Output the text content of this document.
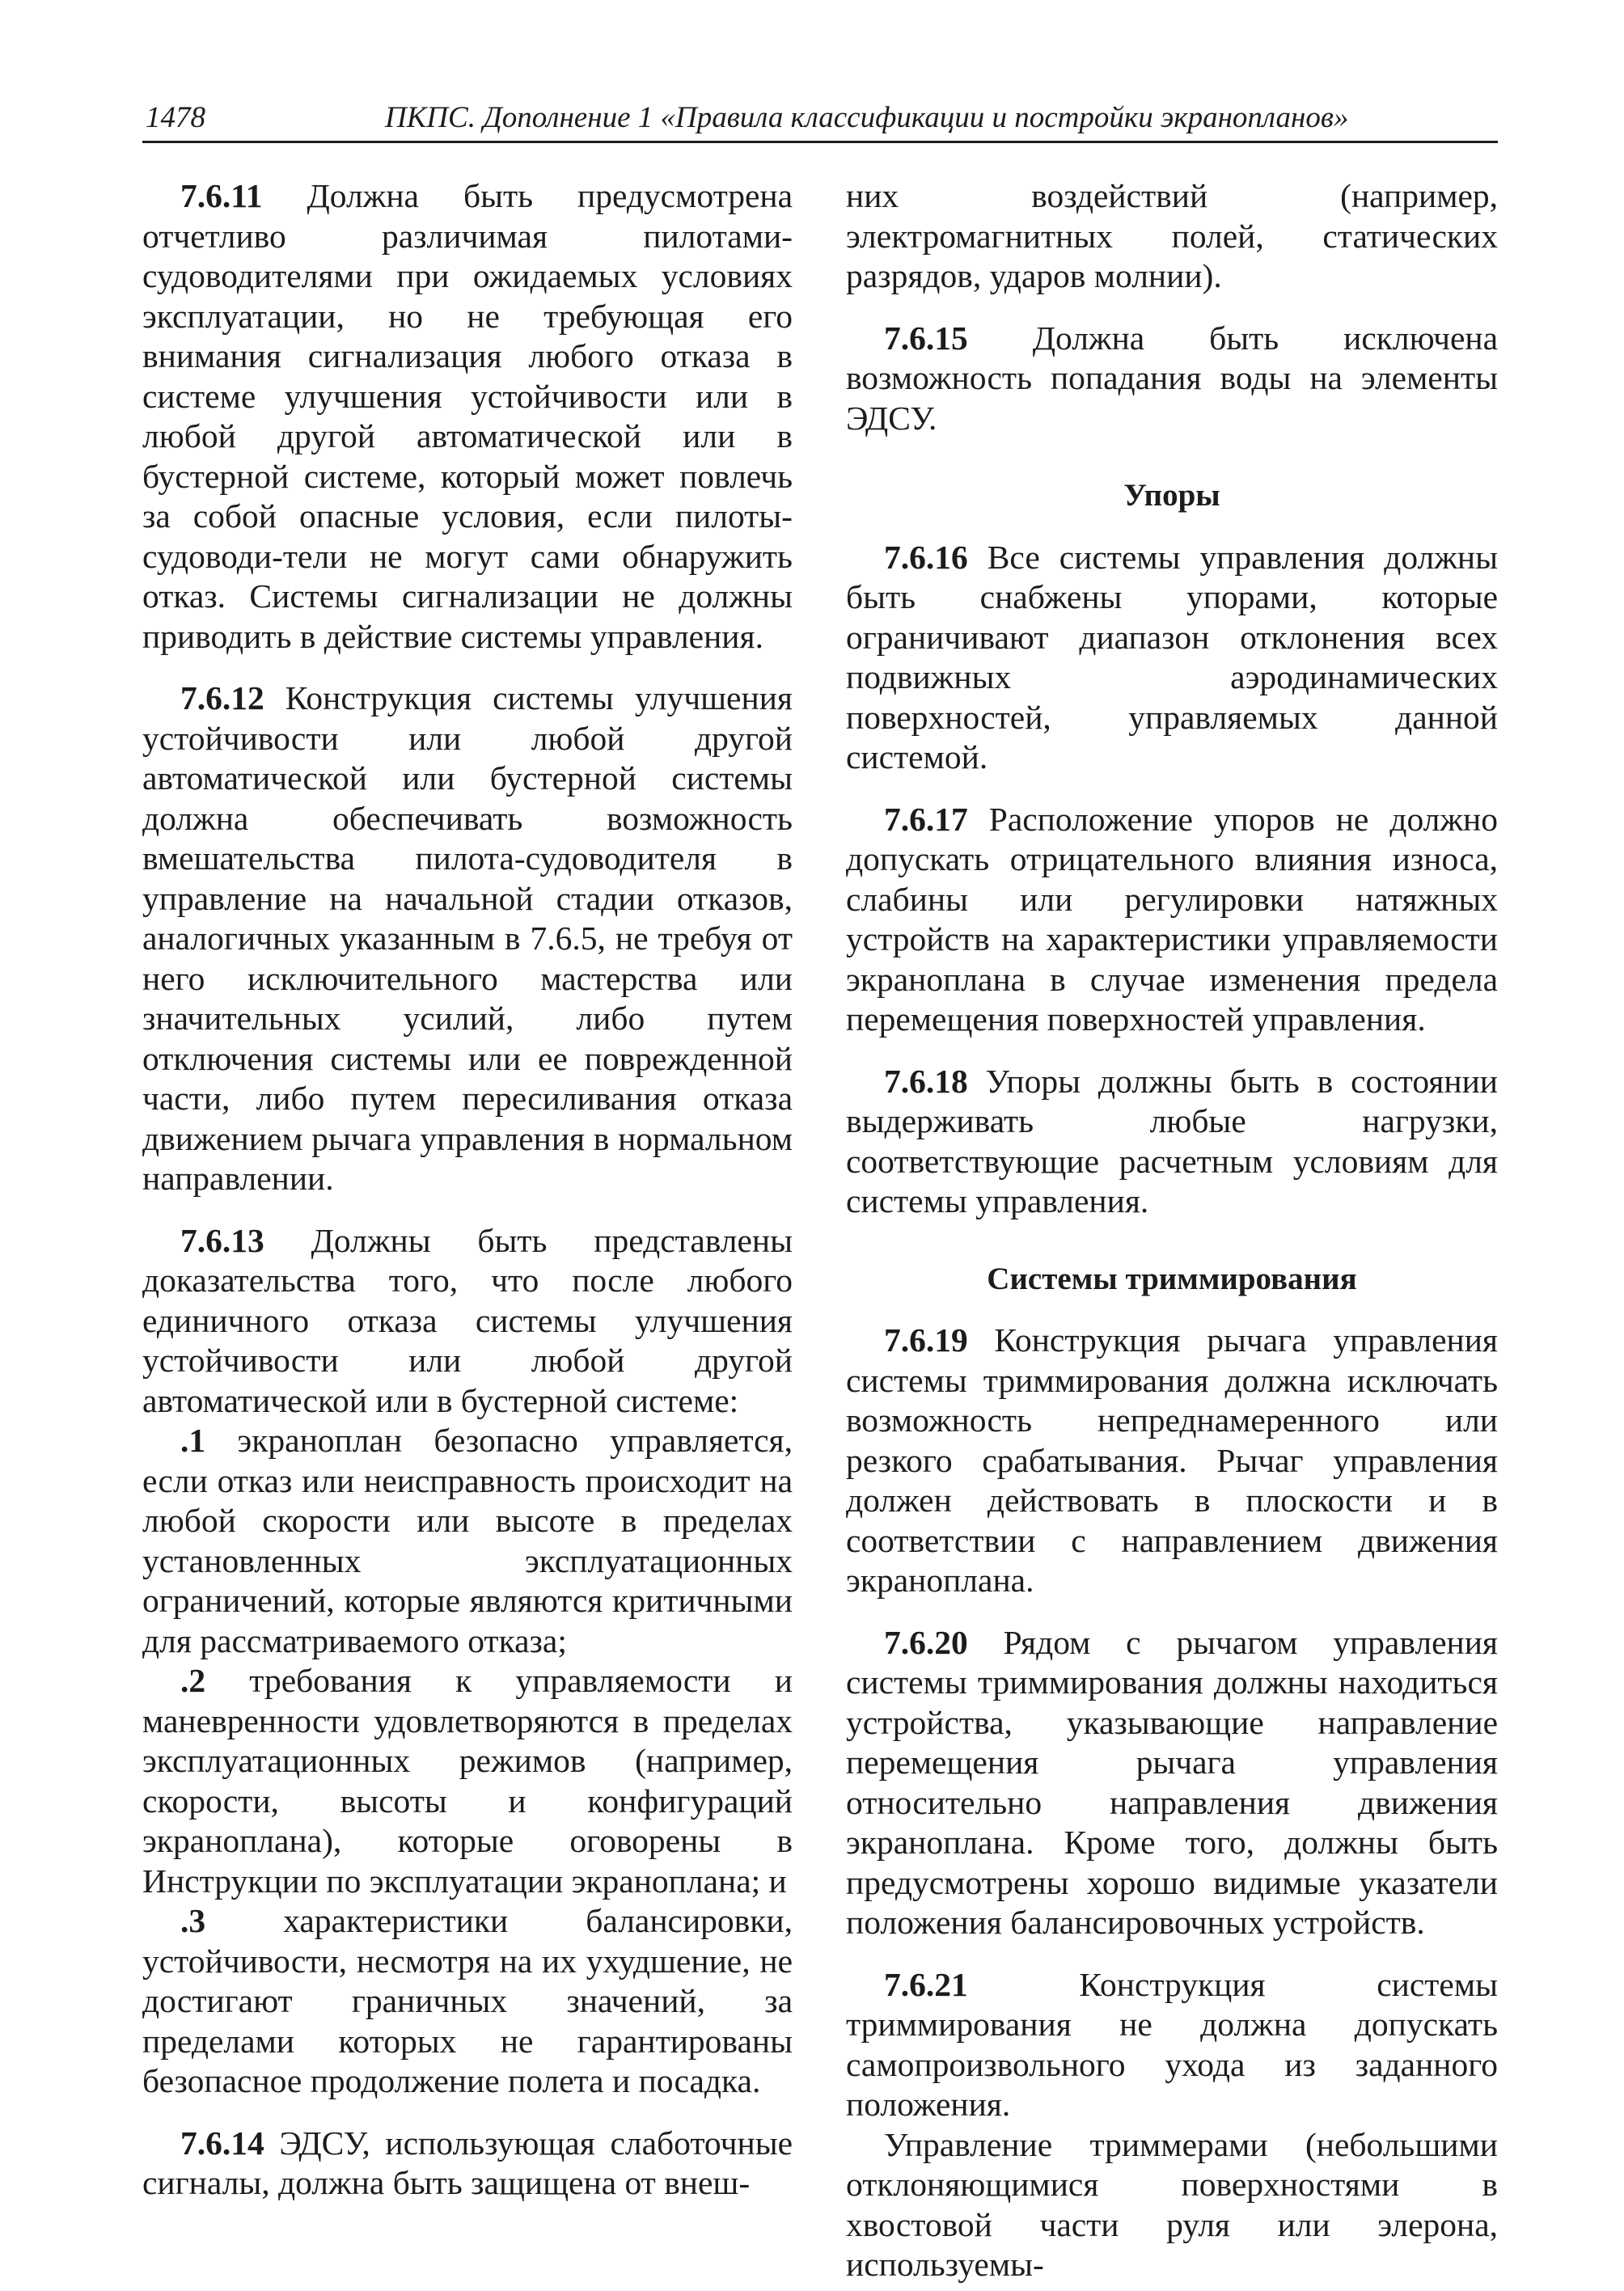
1478	ПКПС. Дополнение 1 «Правила классификации и постройки экранопланов»

7.6.11 Должна быть предусмотрена отчетливо различимая пилотами-судоводителями при ожидаемых условиях эксплуатации, но не требующая его внимания сигнализация любого отказа в системе улучшения устойчивости или в любой другой автоматической или в бустерной системе, который может повлечь за собой опасные условия, если пилоты-судоводи-тели не могут сами обнаружить отказ. Системы сигнализации не должны приводить в действие системы управления.

7.6.12 Конструкция системы улучшения устойчивости или любой другой автоматической или бустерной системы должна обеспечивать возможность вмешательства пилота-судоводителя в управление на начальной стадии отказов, аналогичных указанным в 7.6.5, не требуя от него исключительного мастерства или значительных усилий, либо путем отключения системы или ее поврежденной части, либо путем пересиливания отказа движением рычага управления в нормальном направлении.

7.6.13 Должны быть представлены доказательства того, что после любого единичного отказа системы улучшения устойчивости или любой другой автоматической или в бустерной системе:

.1 экраноплан безопасно управляется, если отказ или неисправность происходит на любой скорости или высоте в пределах установленных эксплуатационных ограничений, которые являются критичными для рассматриваемого отказа;

.2 требования к управляемости и маневренности удовлетворяются в пределах эксплуатационных режимов (например, скорости, высоты и конфигураций экраноплана), которые оговорены в Инструкции по эксплуатации экраноплана; и

.3 характеристики балансировки, устойчивости, несмотря на их ухудшение, не достигают граничных значений, за пределами которых не гарантированы безопасное продолжение полета и посадка.

7.6.14 ЭДСУ, использующая слаботочные сигналы, должна быть защищена от внеш-

них воздействий (например, электромагнитных полей, статических разрядов, ударов молнии).

7.6.15 Должна быть исключена возможность попадания воды на элементы ЭДСУ.

Упоры

7.6.16 Все системы управления должны быть снабжены упорами, которые ограничивают диапазон отклонения всех подвижных аэродинамических поверхностей, управляемых данной системой.

7.6.17 Расположение упоров не должно допускать отрицательного влияния износа, слабины или регулировки натяжных устройств на характеристики управляемости экраноплана в случае изменения предела перемещения поверхностей управления.

7.6.18 Упоры должны быть в состоянии выдерживать любые нагрузки, соответствующие расчетным условиям для системы управления.

Системы триммирования

7.6.19 Конструкция рычага управления системы триммирования должна исключать возможность непреднамеренного или резкого срабатывания. Рычаг управления должен действовать в плоскости и в соответствии с направлением движения экраноплана.

7.6.20 Рядом с рычагом управления системы триммирования должны находиться устройства, указывающие направление перемещения рычага управления относительно направления движения экраноплана. Кроме того, должны быть предусмотрены хорошо видимые указатели положения балансировочных устройств.

7.6.21	Конструкция системы триммирования не должна допускать самопроизвольного ухода из заданного положения.

Управление триммерами (небольшими отклоняющимися поверхностями в хвостовой части руля или элерона, используемы-
